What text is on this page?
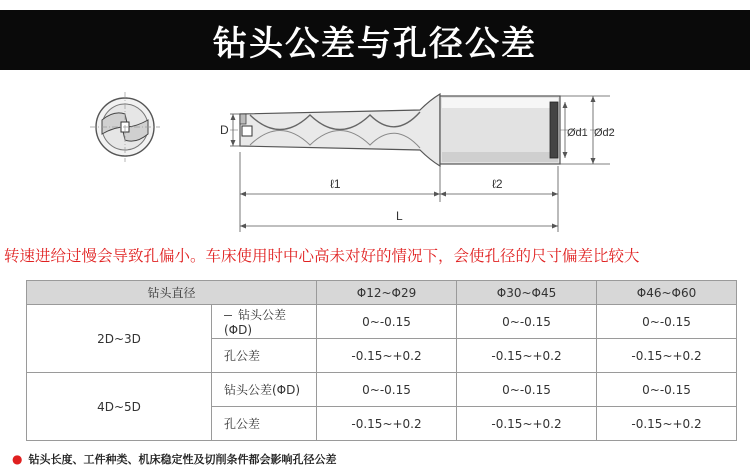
钻头公差与孔径公差
D	Ød1 Ød2
ℓ1	ℓ2
L
转速进给过慢会导致孔偏小。车床使用时中心高未对好的情况下，会使孔径的尺寸偏差比较大
钻头直径		Φ12~Φ29	Φ30~Φ45	Φ46~Φ60
2D~3D	钻头公差(ΦD)	0~-0.15	0~-0.15	0~-0.15
	孔公差	-0.15~+0.2	-0.15~+0.2	-0.15~+0.2
4D~5D	钻头公差(ΦD)	0~-0.15	0~-0.15	0~-0.15
	孔公差	-0.15~+0.2	-0.15~+0.2	-0.15~+0.2
● 钻头长度、工件种类、机床稳定性及切削条件都会影响孔径公差
